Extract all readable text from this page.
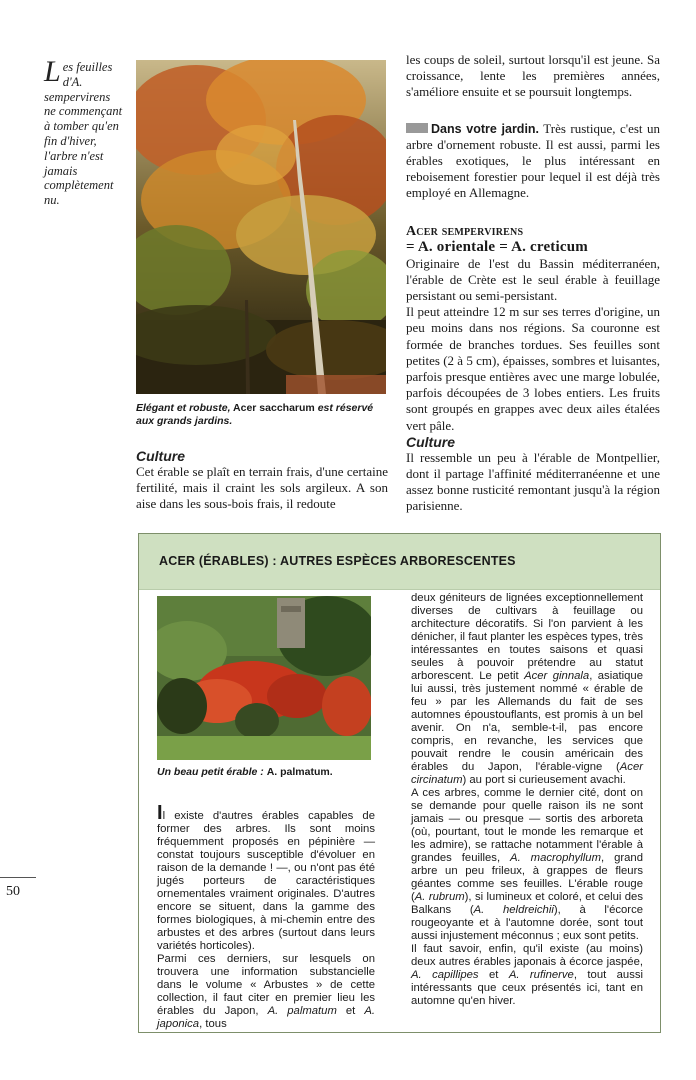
Les feuilles d'A. sempervirens ne commençant à tomber qu'en fin d'hiver, l'arbre n'est jamais complètement nu.
Elégant et robuste, Acer saccharum est réservé aux grands jardins.
Culture

Cet érable se plaît en terrain frais, d'une certaine fertilité, mais il craint les sols argileux. A son aise dans les sous-bois frais, il redoute

les coups de soleil, surtout lorsqu'il est jeune. Sa croissance, lente les premières années, s'améliore ensuite et se poursuit longtemps.

Dans votre jardin. Très rustique, c'est un arbre d'ornement robuste. Il est aussi, parmi les érables exotiques, le plus intéressant en reboisement forestier pour lequel il est déjà très employé en Allemagne.

Acer sempervirens
= A. orientale = A. creticum

Originaire de l'est du Bassin méditerranéen, l'érable de Crète est le seul érable à feuillage persistant ou semi-persistant.

Il peut atteindre 12 m sur ses terres d'origine, un peu moins dans nos régions. Sa couronne est formée de branches tordues. Ses feuilles sont petites (2 à 5 cm), épaisses, sombres et luisantes, parfois presque entières avec une marge lobulée, parfois découpées de 3 lobes entiers. Les fruits sont groupés en grappes avec deux ailes étalées vert pâle.

Culture

Il ressemble un peu à l'érable de Montpellier, dont il partage l'affinité méditerranéenne et une assez bonne rusticité remontant jusqu'à la région parisienne.

ACER (ÉRABLES) : AUTRES ESPÈCES ARBORESCENTES
Un beau petit érable : A. palmatum.

Il existe d'autres érables capables de former des arbres. Ils sont moins fréquemment proposés en pépinière — constat toujours susceptible d'évoluer en raison de la demande ! —, ou n'ont pas été jugés porteurs de caractéristiques ornementales vraiment originales. D'autres encore se situent, dans la gamme des formes biologiques, à mi-chemin entre des arbustes et des arbres (surtout dans leurs variétés horticoles).

Parmi ces derniers, sur lesquels on trouvera une information substancielle dans le volume « Arbustes » de cette collection, il faut citer en premier lieu les érables du Japon, A. palmatum et A. japonica, tous

deux géniteurs de lignées exceptionnellement diverses de cultivars à feuillage ou architecture décoratifs. Si l'on parvient à les dénicher, il faut planter les espèces types, très intéressantes en toutes saisons et quasi seules à pouvoir prétendre au statut arborescent. Le petit Acer ginnala, asiatique lui aussi, très justement nommé « érable de feu » par les Allemands du fait de ses automnes époustouflants, est promis à un bel avenir. On n'a, semble-t-il, pas encore compris, en revanche, les services que pouvait rendre le cousin américain des érables du Japon, l'érable-vigne (Acer circinatum) au port si curieusement avachi.

A ces arbres, comme le dernier cité, dont on se demande pour quelle raison ils ne sont jamais — ou presque — sortis des arboreta (où, pourtant, tout le monde les remarque et les admire), se rattache notamment l'érable à grandes feuilles, A. macrophyllum, grand arbre un peu frileux, à grappes de fleurs géantes comme ses feuilles. L'érable rouge (A. rubrum), si lumineux et coloré, et celui des Balkans (A. heldreichii), à l'écorce rougeoyante et à l'automne dorée, sont tout aussi injustement méconnus ; eux sont petits.

Il faut savoir, enfin, qu'il existe (au moins) deux autres érables japonais à écorce jaspée, A. capillipes et A. rufinerve, tout aussi intéressants que ceux présentés ici, tant en automne qu'en hiver.

50
